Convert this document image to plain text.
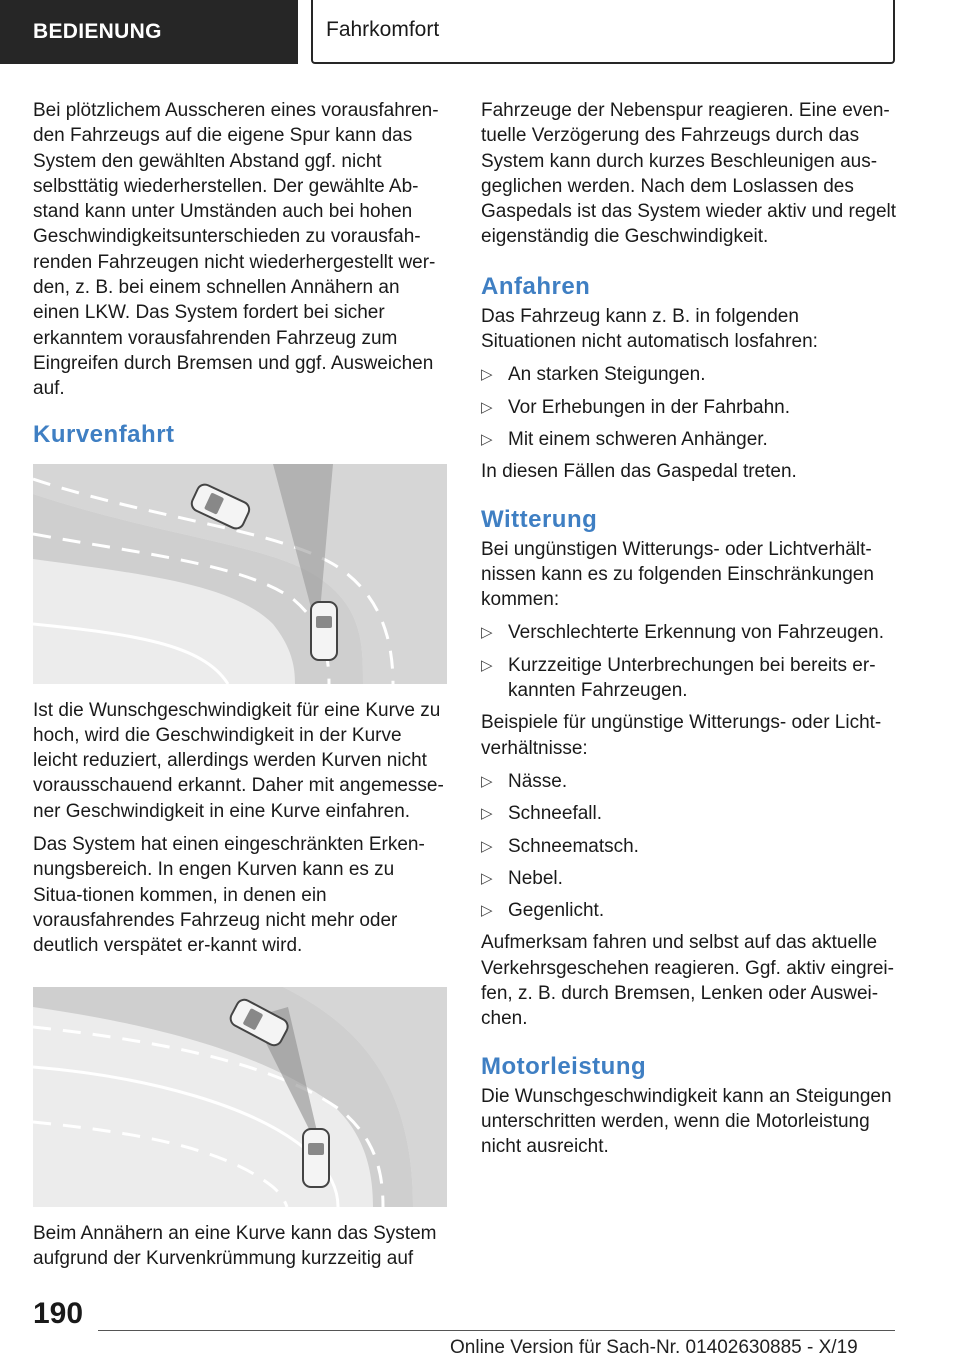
BEDIENUNG	Fahrkomfort

Bei plötzlichem Ausscheren eines vorausfahren-den Fahrzeugs auf die eigene Spur kann das System den gewählten Abstand ggf. nicht selbsttätig wiederherstellen. Der gewählte Ab-stand kann unter Umständen auch bei hohen Geschwindigkeitsunterschieden zu vorausfah-renden Fahrzeugen nicht wiederhergestellt wer-den, z. B. bei einem schnellen Annähern an einen LKW. Das System fordert bei sicher erkanntem vorausfahrenden Fahrzeug zum Eingreifen durch Bremsen und ggf. Ausweichen auf.

Kurvenfahrt

Ist die Wunschgeschwindigkeit für eine Kurve zu hoch, wird die Geschwindigkeit in der Kurve leicht reduziert, allerdings werden Kurven nicht vorausschauend erkannt. Daher mit angemesse-ner Geschwindigkeit in eine Kurve einfahren.

Das System hat einen eingeschränkten Erken-nungsbereich. In engen Kurven kann es zu Situa-tionen kommen, in denen ein vorausfahrendes Fahrzeug nicht mehr oder deutlich verspätet er-kannt wird.

Beim Annähern an eine Kurve kann das System aufgrund der Kurvenkrümmung kurzzeitig auf

Fahrzeuge der Nebenspur reagieren. Eine even-tuelle Verzögerung des Fahrzeugs durch das System kann durch kurzes Beschleunigen aus-geglichen werden. Nach dem Loslassen des Gaspedals ist das System wieder aktiv und regelt eigenständig die Geschwindigkeit.

Anfahren

Das Fahrzeug kann z. B. in folgenden Situationen nicht automatisch losfahren:

▷ An starken Steigungen.
▷ Vor Erhebungen in der Fahrbahn.
▷ Mit einem schweren Anhänger.

In diesen Fällen das Gaspedal treten.

Witterung

Bei ungünstigen Witterungs- oder Lichtverhält-nissen kann es zu folgenden Einschränkungen kommen:

▷ Verschlechterte Erkennung von Fahrzeugen.
▷ Kurzzeitige Unterbrechungen bei bereits er-kannten Fahrzeugen.

Beispiele für ungünstige Witterungs- oder Licht-verhältnisse:

▷ Nässe.
▷ Schneefall.
▷ Schneematsch.
▷ Nebel.
▷ Gegenlicht.

Aufmerksam fahren und selbst auf das aktuelle Verkehrsgeschehen reagieren. Ggf. aktiv eingrei-fen, z. B. durch Bremsen, Lenken oder Auswei-chen.

Motorleistung

Die Wunschgeschwindigkeit kann an Steigungen unterschritten werden, wenn die Motorleistung nicht ausreicht.

190
Online Version für Sach-Nr. 01402630885 - X/19
